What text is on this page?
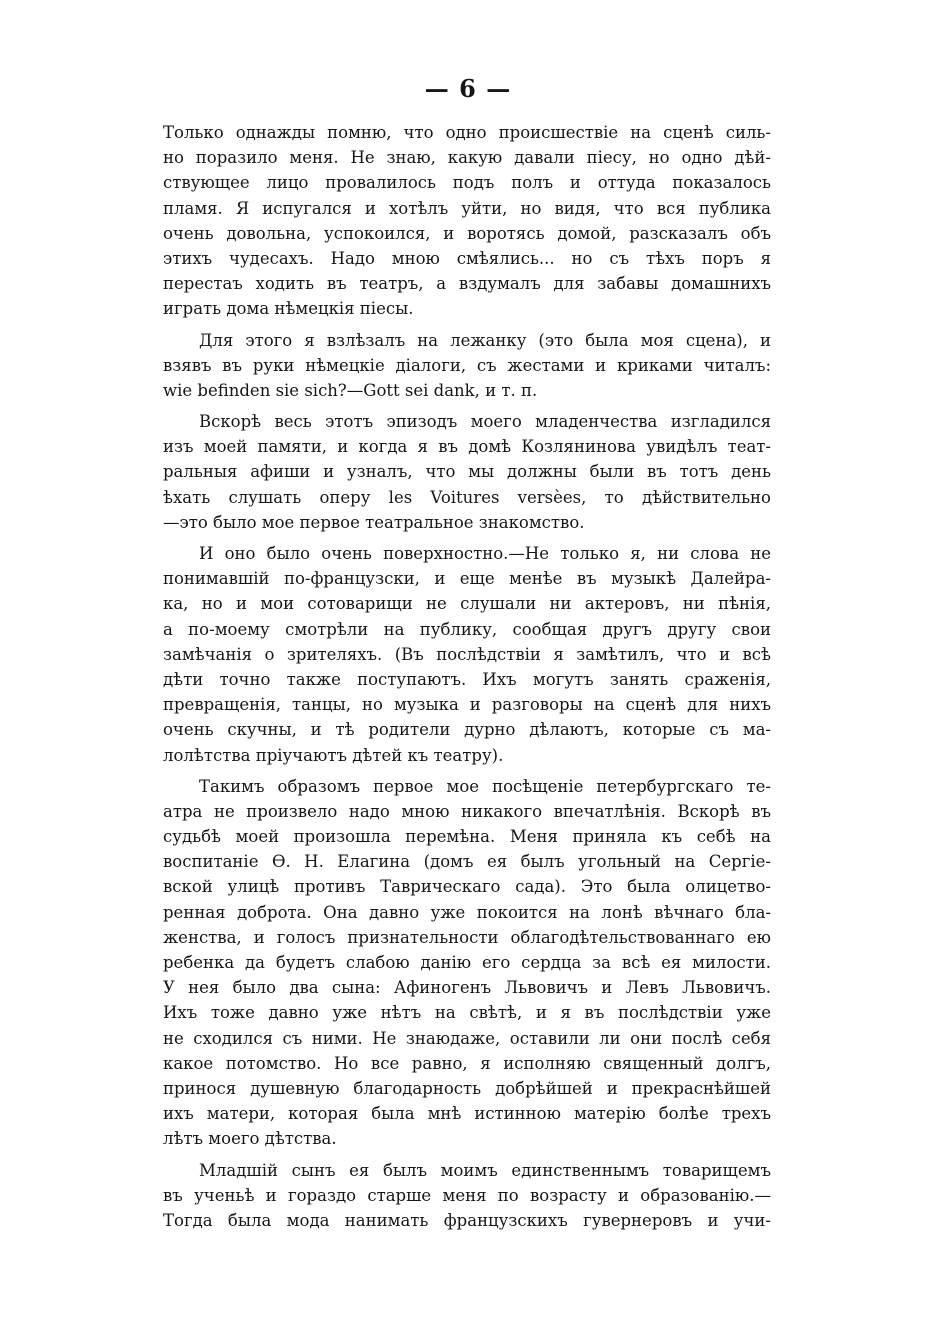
— 6 —
Только однажды помню, что одно происшествіе на сценѣ силь-
но поразило меня. Не знаю, какую давали піесу, но одно дѣй-
ствующее лицо провалилось подъ полъ и оттуда показалось
пламя. Я испугался и хотѣлъ уйти, но видя, что вся публика
очень довольна, успокоился, и воротясь домой, разсказалъ объ
этихъ чудесахъ. Надо мною смѣялись... но съ тѣхъ поръ я
перестаъ ходить въ театръ, а вздумалъ для забавы домашнихъ
играть дома нѣмецкія піесы.
Для этого я взлѣзалъ на лежанку (это была моя сцена), и
взявъ въ руки нѣмецкіе діалоги, съ жестами и криками читалъ:
wie befinden sie sich?—Gott sei dank, и т. п.
Вскорѣ весь этотъ эпизодъ моего младенчества изгладился
изъ моей памяти, и когда я въ домѣ Козлянинова увидѣлъ теат-
ральныя афиши и узналъ, что мы должны были въ тотъ день
ѣхать слушать оперу les Voitures versèes, то дѣйствительно
—это было мое первое театральное знакомство.
И оно было очень поверхностно.—Не только я, ни слова не
понимавшій по-французски, и еще менѣе въ музыкѣ Далейра-
ка, но и мои сотоварищи не слушали ни актеровъ, ни пѣнія,
а по-моему смотрѣли на публику, сообщая другъ другу свои
замѣчанія о зрителяхъ. (Въ послѣдствіи я замѣтилъ, что и всѣ
дѣти точно также поступаютъ. Ихъ могутъ занять сраженія,
превращенія, танцы, но музыка и разговоры на сценѣ для нихъ
очень скучны, и тѣ родители дурно дѣлаютъ, которые съ ма-
лолѣтства пріучаютъ дѣтей къ театру).
Такимъ образомъ первое мое посѣщеніе петербургскаго те-
атра не произвело надо мною никакого впечатлѣнія. Вскорѣ въ
судьбѣ моей произошла перемѣна. Меня приняла къ себѣ на
воспитаніе Ѳ. Н. Елагина (домъ ея былъ угольный на Сергіе-
вской улицѣ противъ Таврическаго сада). Это была олицетво-
ренная доброта. Она давно уже покоится на лонѣ вѣчнаго бла-
женства, и голосъ признательности облагодѣтельствованнаго ею
ребенка да будетъ слабою данію его сердца за всѣ ея милости.
У нея было два сына: Афиногенъ Львовичъ и Левъ Львовичъ.
Ихъ тоже давно уже нѣтъ на свѣтѣ, и я въ послѣдствіи уже
не сходился съ ними. Не знаюдаже, оставили ли они послѣ себя
какое потомство. Но все равно, я исполняю священный долгъ,
принося душевную благодарность добрѣйшей и прекраснѣйшей
ихъ матери, которая была мнѣ истинною матерію болѣе трехъ
лѣтъ моего дѣтства.
Младшій сынъ ея былъ моимъ единственнымъ товарищемъ
въ ученьѣ и гораздо старше меня по возрасту и образованію.—
Тогда была мода нанимать французскихъ гувернеровъ и учи-
